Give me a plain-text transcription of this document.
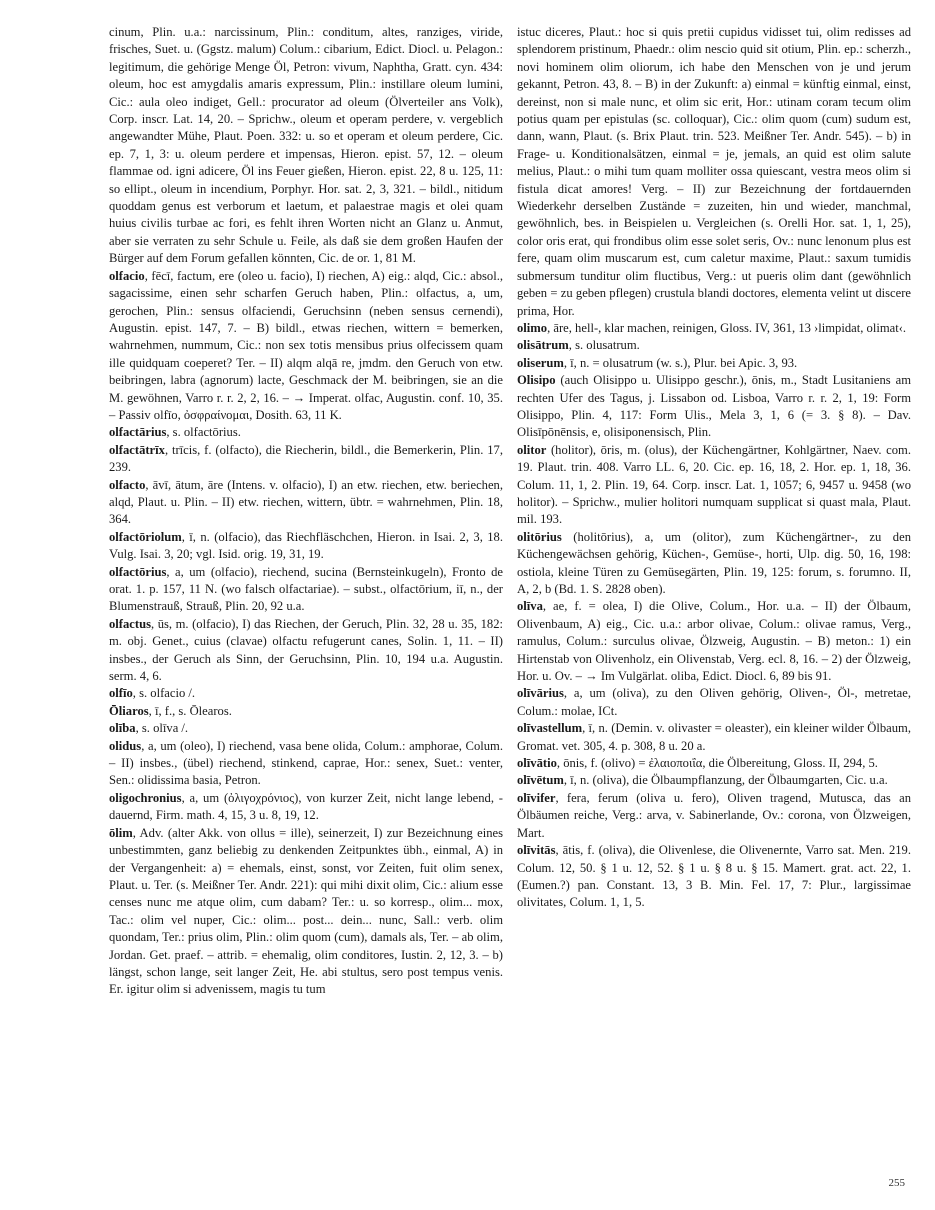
cinum, Plin. u.a.: narcissinum, Plin.: conditum, altes, ranziges, viride, frisches, Suet. u. (Ggstz. malum) Colum.: cibarium, Edict. Diocl. u. Pelagon.: legitimum, die gehörige Menge Öl, Petron: vivum, Naphtha, Gratt. cyn. 434: oleum, hoc est amygdalis amaris expressum, Plin.: instillare oleum lumini, Cic.: aula oleo indiget, Gell.: procurator ad oleum (Ölverteiler ans Volk), Corp. inscr. Lat. 14, 20. – Sprichw., oleum et operam perdere, v. vergeblich angewandter Mühe, Plaut. Poen. 332: u. so et operam et oleum perdere, Cic. ep. 7, 1, 3: u. oleum perdere et impensas, Hieron. epist. 57, 12. – oleum flammae od. igni adicere, Öl ins Feuer gießen, Hieron. epist. 22, 8 u. 125, 11: so ellipt., oleum in incendium, Porphyr. Hor. sat. 2, 3, 321. – bildl., nitidum quoddam genus est verborum et laetum, et palaestrae magis et olei quam huius civilis turbae ac fori, es fehlt ihren Worten nicht an Glanz u. Anmut, aber sie verraten zu sehr Schule u. Feile, als daß sie dem großen Haufen der Bürger auf dem Forum gefallen könnten, Cic. de or. 1, 81 M.

olfacio, fēcī, factum, ere (oleo u. facio), I) riechen, A) eig.: alqd, Cic.: absol., sagacissime, einen sehr scharfen Geruch haben, Plin.: olfactus, a, um, gerochen, Plin.: sensus olfaciendi, Geruchsinn (neben sensus cernendi), Augustin. epist. 147, 7. – B) bildl., etwas riechen, wittern = bemerken, wahrnehmen, nummum, Cic.: non sex totis mensibus prius olfecissem quam ille quidquam coeperet? Ter. – II) alqm alqā re, jmdm. den Geruch von etw. beibringen, labra (agnorum) lacte, Geschmack der M. beibringen, sie an die M. gewöhnen, Varro r. r. 2, 2, 16. – → Imperat. olfac, Augustin. conf. 10, 35. – Passiv olfīo, ὀσφραίνομαι, Dosith. 63, 11 K.

olfactārius, s. olfactōrius.

olfactātrīx, trīcis, f. (olfacto), die Riecherin, bildl., die Bemerkerin, Plin. 17, 239.

olfacto, āvī, ātum, āre (Intens. v. olfacio), I) an etw. riechen, etw. beriechen, alqd, Plaut. u. Plin. – II) etw. riechen, wittern, übtr. = wahrnehmen, Plin. 18, 364.

olfactōriolum, ī, n. (olfacio), das Riechfläschchen, Hieron. in Isai. 2, 3, 18. Vulg. Isai. 3, 20; vgl. Isid. orig. 19, 31, 19.

olfactōrius, a, um (olfacio), riechend, sucina (Bernsteinkugeln), Fronto de orat. 1. p. 157, 11 N. (wo falsch olfactariae). – subst., olfactōrium, iī, n., der Blumenstrauß, Strauß, Plin. 20, 92 u.a.

olfactus, ūs, m. (olfacio), I) das Riechen, der Geruch, Plin. 32, 28 u. 35, 182: m. obj. Genet., cuius (clavae) olfactu refugerunt canes, Solin. 1, 11. – II) insbes., der Geruch als Sinn, der Geruchsinn, Plin. 10, 194 u.a. Augustin. serm. 4, 6.

olfīo, s. olfacio /.

Ōliaros, ī, f., s. Ōlearos.

olība, s. olīva /.

olidus, a, um (oleo), I) riechend, vasa bene olida, Colum.: amphorae, Colum. – II) insbes., (übel) riechend, stinkend, caprae, Hor.: senex, Suet.: venter, Sen.: olidissima basia, Petron.

oligochronius, a, um (ὀλιγοχρόνιος), von kurzer Zeit, nicht lange lebend, -dauernd, Firm. math. 4, 15, 3 u. 8, 19, 12.

ōlim, Adv. (alter Akk. von ollus = ille), seinerzeit, I) zur Bezeichnung eines unbestimmten, ganz beliebig zu denkenden Zeitpunktes übh., einmal, A) in der Vergangenheit: a) = ehemals, einst, sonst, vor Zeiten, fuit olim senex, Plaut. u. Ter. (s. Meißner Ter. Andr. 221): qui mihi dixit olim, Cic.: alium esse censes nunc me atque olim, cum dabam? Ter.: u. so korresp., olim... mox, Tac.: olim vel nuper, Cic.: olim... post... dein... nunc, Sall.: verb. olim quondam, Ter.: prius olim, Plin.: olim quom (cum), damals als, Ter. – ab olim, Jordan. Get. praef. – attrib. = ehemalig, olim conditores, Iustin. 2, 12, 3. – b) längst, schon lange, seit langer Zeit, He. abi stultus, sero post tempus venis. Er. igitur olim si advenissem, magis tu tum

istuc diceres, Plaut.: hoc si quis pretii cupidus vidisset tui, olim redisses ad splendorem pristinum, Phaedr.: olim nescio quid sit otium, Plin. ep.: scherzh., novi hominem olim oliorum, ich habe den Menschen von je und jerum gekannt, Petron. 43, 8. – B) in der Zukunft: a) einmal = künftig einmal, einst, dereinst, non si male nunc, et olim sic erit, Hor.: utinam coram tecum olim potius quam per epistulas (sc. colloquar), Cic.: olim quom (cum) sudum est, dann, wann, Plaut. (s. Brix Plaut. trin. 523. Meißner Ter. Andr. 545). – b) in Frage- u. Konditionalsätzen, einmal = je, jemals, an quid est olim salute melius, Plaut.: o mihi tum quam molliter ossa quiescant, vestra meos olim si fistula dicat amores! Verg. – II) zur Bezeichnung der fortdauernden Wiederkehr derselben Zustände = zuzeiten, hin und wieder, manchmal, gewöhnlich, bes. in Beispielen u. Vergleichen (s. Orelli Hor. sat. 1, 1, 25), color oris erat, qui frondibus olim esse solet seris, Ov.: nunc lenonum plus est fere, quam olim muscarum est, cum caletur maxime, Plaut.: saxum tumidis submersum tunditur olim fluctibus, Verg.: ut pueris olim dant (gewöhnlich geben = zu geben pflegen) crustula blandi doctores, elementa velint ut discere prima, Hor.

olimo, āre, hell-, klar machen, reinigen, Gloss. IV, 361, 13 ›limpidat, olimat‹.

olisātrum, s. olusatrum.

oliserum, ī, n. = olusatrum (w. s.), Plur. bei Apic. 3, 93.

Olisipo (auch Olisippo u. Ulisippo geschr.), ōnis, m., Stadt Lusitaniens am rechten Ufer des Tagus, j. Lissabon od. Lisboa, Varro r. r. 2, 1, 19: Form Olisippo, Plin. 4, 117: Form Ulis., Mela 3, 1, 6 (= 3. § 8). – Dav. Olisīpōnēnsis, e, olisiponensisch, Plin.

olitor (holitor), ōris, m. (olus), der Küchengärtner, Kohlgärtner, Naev. com. 19. Plaut. trin. 408. Varro LL. 6, 20. Cic. ep. 16, 18, 2. Hor. ep. 1, 18, 36. Colum. 11, 1, 2. Plin. 19, 64. Corp. inscr. Lat. 1, 1057; 6, 9457 u. 9458 (wo holitor). – Sprichw., mulier holitori numquam supplicat si quast mala, Plaut. mil. 193.

olitōrius (holitōrius), a, um (olitor), zum Küchengärtner-, zu den Küchengewächsen gehörig, Küchen-, Gemüse-, horti, Ulp. dig. 50, 16, 198: ostiola, kleine Türen zu Gemüsegärten, Plin. 19, 125: forum, s. forumno. II, A, 2, b (Bd. 1. S. 2828 oben).

olīva, ae, f. = olea, I) die Olive, Colum., Hor. u.a. – II) der Ölbaum, Olivenbaum, A) eig., Cic. u.a.: arbor olivae, Colum.: olivae ramus, Verg., ramulus, Colum.: surculus olivae, Ölzweig, Augustin. – B) meton.: 1) ein Hirtenstab von Olivenholz, ein Olivenstab, Verg. ecl. 8, 16. – 2) der Ölzweig, Hor. u. Ov. – → Im Vulgärlat. oliba, Edict. Diocl. 6, 89 bis 91.

olīvārius, a, um (oliva), zu den Oliven gehörig, Oliven-, Öl-, metretae, Colum.: molae, ICt.

olīvastellum, ī, n. (Demin. v. olivaster = oleaster), ein kleiner wilder Ölbaum, Gromat. vet. 305, 4. p. 308, 8 u. 20 a.

olīvātio, ōnis, f. (olivo) = ἐλαιοποιΐα, die Ölbereitung, Gloss. II, 294, 5.

olīvētum, ī, n. (oliva), die Ölbaumpflanzung, der Ölbaumgarten, Cic. u.a.

olīvifer, fera, ferum (oliva u. fero), Oliven tragend, Mutusca, das an Ölbäumen reiche, Verg.: arva, v. Sabinerlande, Ov.: corona, von Ölzweigen, Mart.

olīvitās, ātis, f. (oliva), die Olivenlese, die Olivenernte, Varro sat. Men. 219. Colum. 12, 50. § 1 u. 12, 52. § 1 u. § 8 u. § 15. Mamert. grat. act. 22, 1. (Eumen.?) pan. Constant. 13, 3 B. Min. Fel. 17, 7: Plur., largissimae olivitates, Colum. 1, 1, 5.

255
